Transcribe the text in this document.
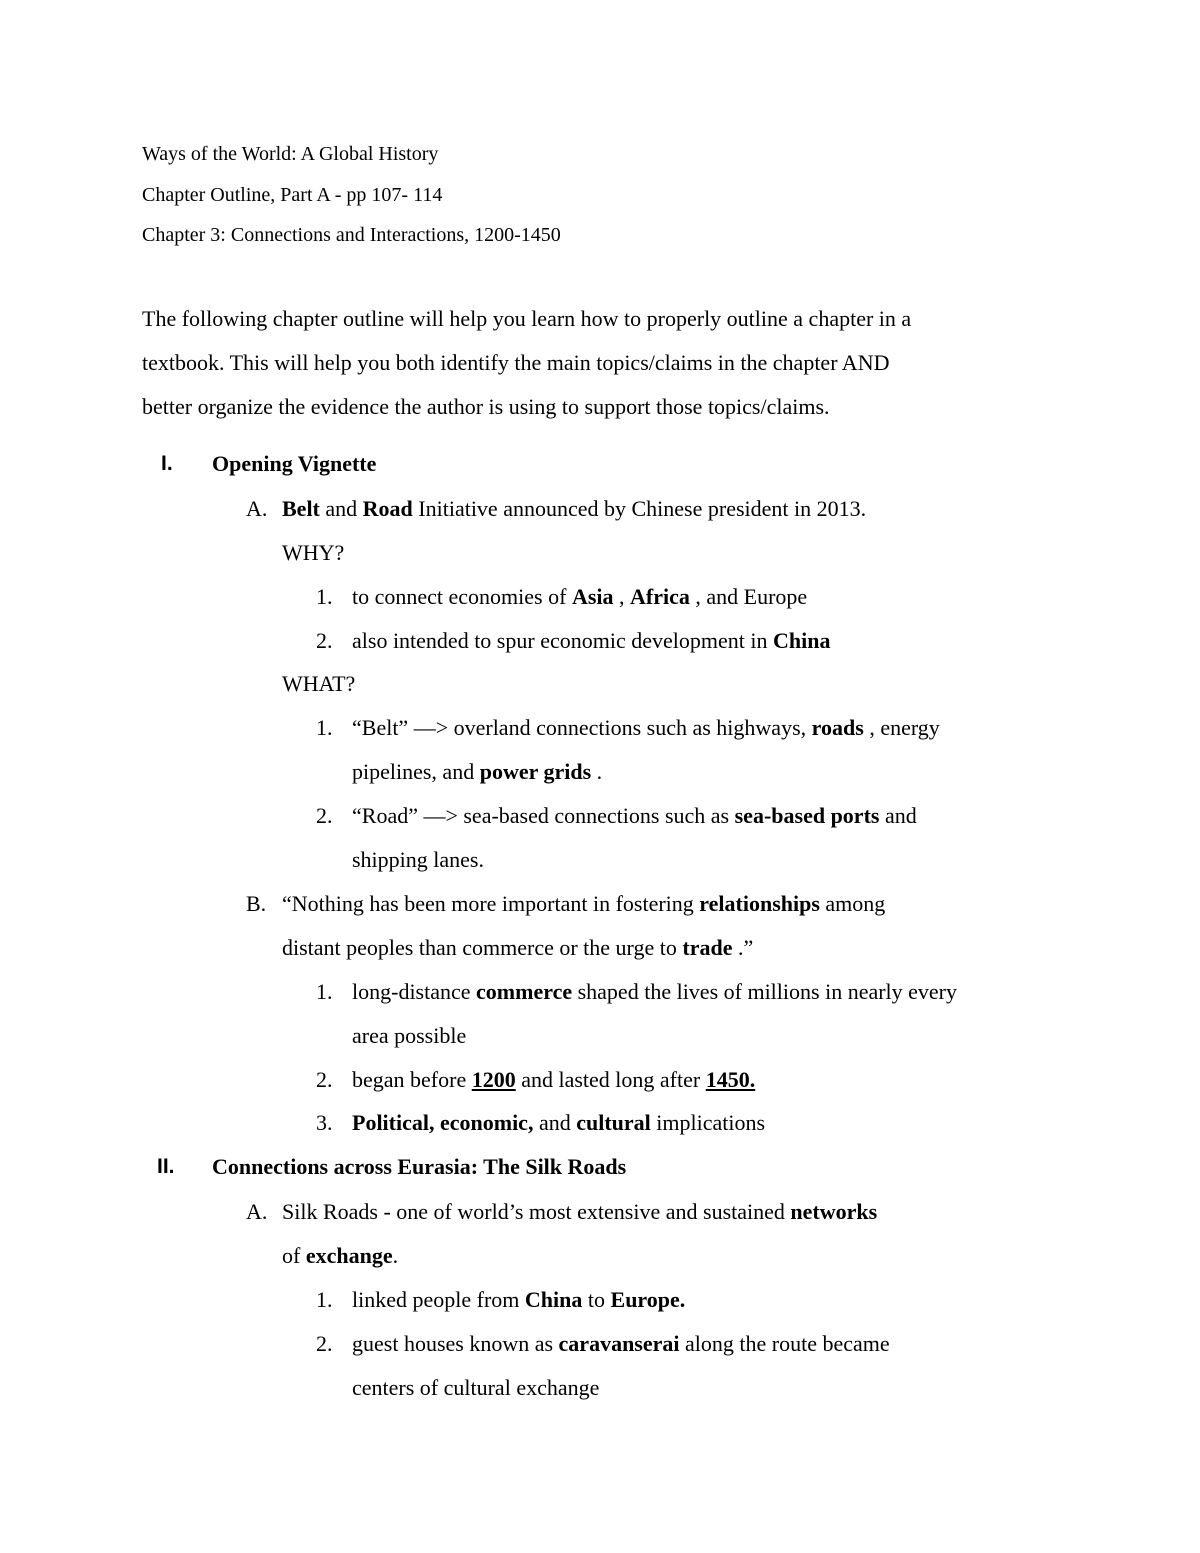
Ways of the World: A Global History
Chapter Outline, Part A - pp 107- 114
Chapter 3: Connections and Interactions, 1200-1450
The following chapter outline will help you learn how to properly outline a chapter in a
textbook. This will help you both identify the main topics/claims in the chapter AND
better organize the evidence the author is using to support those topics/claims.
I. Opening Vignette
A. Belt and Road Initiative announced by Chinese president in 2013.
WHY?
1. to connect economies of Asia , Africa , and Europe
2. also intended to spur economic development in China
WHAT?
1. “Belt” —> overland connections such as highways, roads , energy
pipelines, and power grids .
2. “Road” —> sea-based connections such as sea-based ports and
shipping lanes.
B. “Nothing has been more important in fostering relationships among
distant peoples than commerce or the urge to trade .”
1. long-distance commerce shaped the lives of millions in nearly every
area possible
2. began before 1200 and lasted long after 1450.
3. Political, economic, and cultural implications
II. Connections across Eurasia: The Silk Roads
A. Silk Roads - one of world’s most extensive and sustained networks
of exchange.
1. linked people from China to Europe.
2. guest houses known as caravanserai along the route became
centers of cultural exchange
